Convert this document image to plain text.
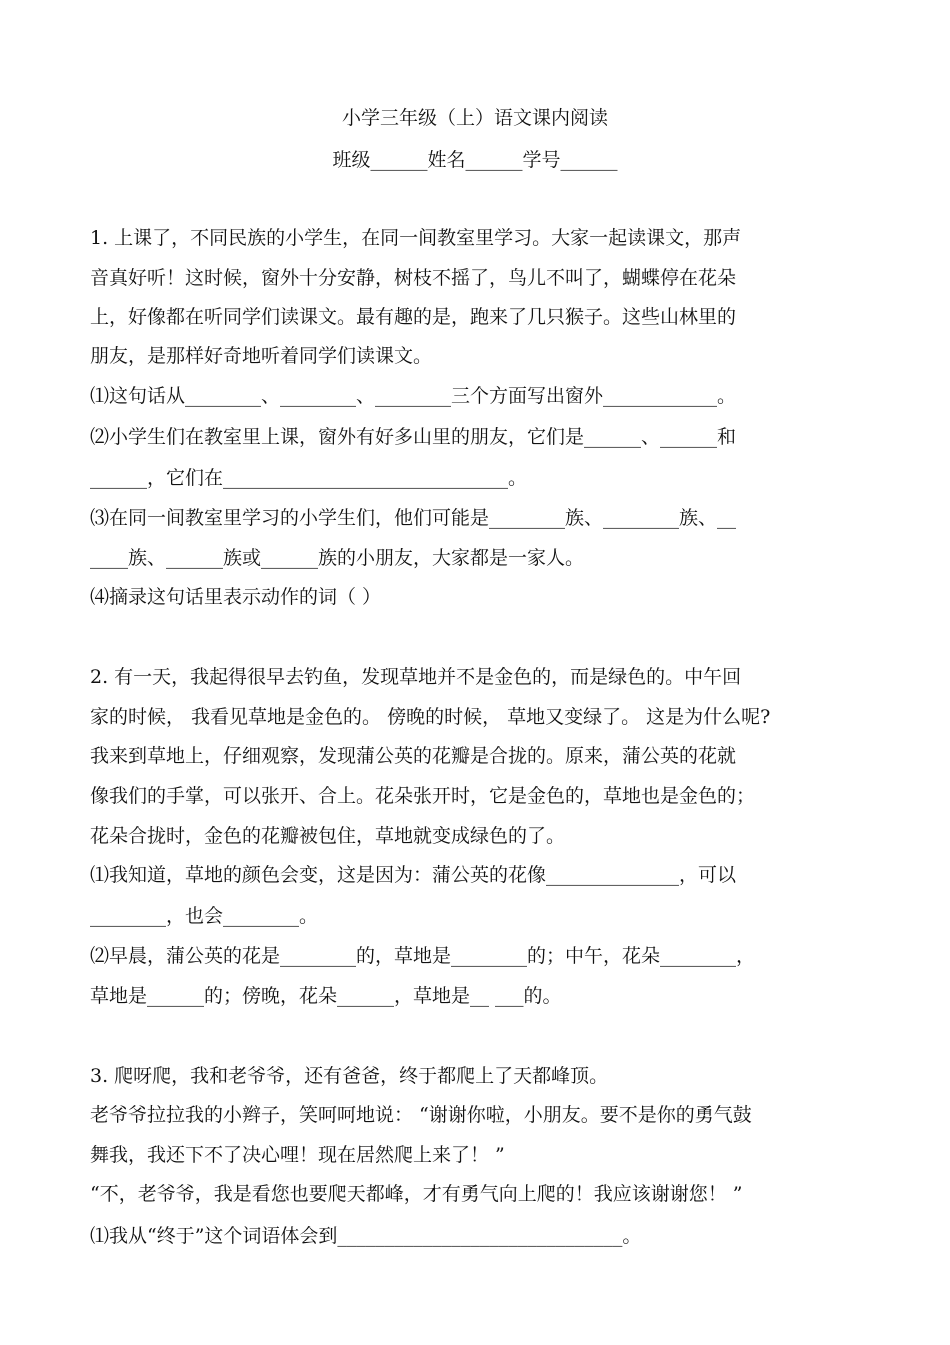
小学三年级（上）语文课内阅读
班级______姓名______学号______
1. 上课了，不同民族的小学生，在同一间教室里学习。大家一起读课文，那声
音真好听！这时候，窗外十分安静，树枝不摇了，鸟儿不叫了，蝴蝶停在花朵
上，好像都在听同学们读课文。最有趣的是，跑来了几只猴子。这些山林里的
朋友，是那样好奇地听着同学们读课文。
⑴这句话从________、________、________三个方面写出窗外____________。
⑵小学生们在教室里上课，窗外有好多山里的朋友，它们是______、______和
______，它们在______________________________。
⑶在同一间教室里学习的小学生们，他们可能是________族、________族、__
____族、______族或______族的小朋友，大家都是一家人。
⑷摘录这句话里表示动作的词（ ）
2. 有一天，我起得很早去钓鱼，发现草地并不是金色的，而是绿色的。中午回
家的时候， 我看见草地是金色的。 傍晚的时候， 草地又变绿了。 这是为什么呢?
我来到草地上，仔细观察，发现蒲公英的花瓣是合拢的。原来，蒲公英的花就
像我们的手掌，可以张开、合上。花朵张开时，它是金色的，草地也是金色的；
花朵合拢时，金色的花瓣被包住，草地就变成绿色的了。
⑴我知道，草地的颜色会变，这是因为：蒲公英的花像______________，可以
________，也会________。
⑵早晨，蒲公英的花是________的，草地是________的；中午，花朵________，
草地是______的；傍晚，花朵______，草地是__ ___的。
3. 爬呀爬，我和老爷爷，还有爸爸，终于都爬上了天都峰顶。
老爷爷拉拉我的小辫子，笑呵呵地说： “谢谢你啦，小朋友。要不是你的勇气鼓
舞我，我还下不了决心哩！现在居然爬上来了！ ”
“不，老爷爷，我是看您也要爬天都峰，才有勇气向上爬的！我应该谢谢您！ ”
⑴我从“终于”这个词语体会到______________________________。
